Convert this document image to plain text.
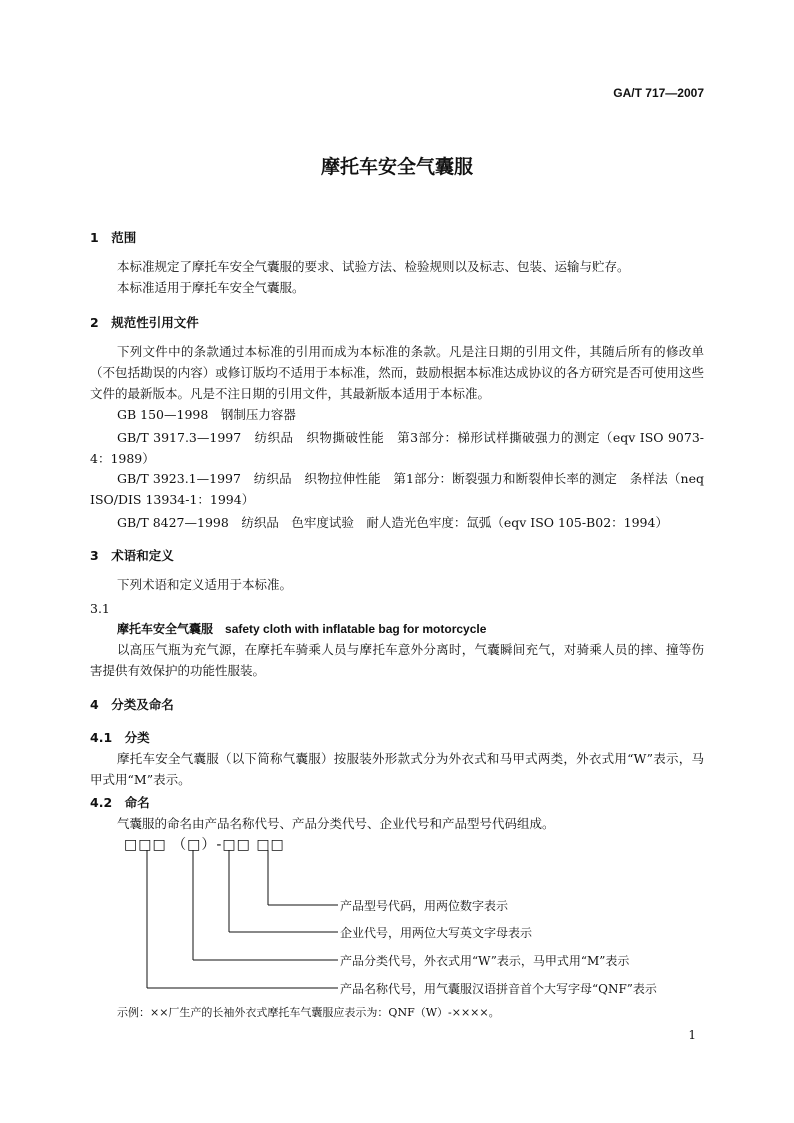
GA/T 717—2007
摩托车安全气囊服
1　范围
本标准规定了摩托车安全气囊服的要求、试验方法、检验规则以及标志、包装、运输与贮存。
本标准适用于摩托车安全气囊服。
2　规范性引用文件
下列文件中的条款通过本标准的引用而成为本标准的条款。凡是注日期的引用文件，其随后所有的修改单（不包括勘误的内容）或修订版均不适用于本标准，然而，鼓励根据本标准达成协议的各方研究是否可使用这些文件的最新版本。凡是不注日期的引用文件，其最新版本适用于本标准。
GB 150—1998　钢制压力容器
GB/T 3917.3—1997　纺织品　织物撕破性能　第3部分：梯形试样撕破强力的测定（eqv ISO 9073-4：1989）
GB/T 3923.1—1997　纺织品　织物拉伸性能　第1部分：断裂强力和断裂伸长率的测定　条样法（neq ISO/DIS 13934-1：1994）
GB/T 8427—1998　纺织品　色牢度试验　耐人造光色牢度：氙弧（eqv ISO 105-B02：1994）
3　术语和定义
下列术语和定义适用于本标准。
3.1
摩托车安全气囊服 safety cloth with inflatable bag for motorcycle
以高压气瓶为充气源，在摩托车骑乘人员与摩托车意外分离时，气囊瞬间充气，对骑乘人员的摔、撞等伤害提供有效保护的功能性服装。
4　分类及命名
4.1　分类
摩托车安全气囊服（以下简称气囊服）按服装外形款式分为外衣式和马甲式两类，外衣式用“W”表示，马甲式用“M”表示。
4.2　命名
气囊服的命名由产品名称代号、产品分类代号、企业代号和产品型号代码组成。
□□□ （□）-□□ □□
产品型号代码，用两位数字表示
企业代号，用两位大写英文字母表示
产品分类代号，外衣式用“W”表示，马甲式用“M”表示
产品名称代号，用气囊服汉语拼音首个大写字母“QNF”表示
示例：××厂生产的长袖外衣式摩托车气囊服应表示为：QNF（W）-××××。
1
